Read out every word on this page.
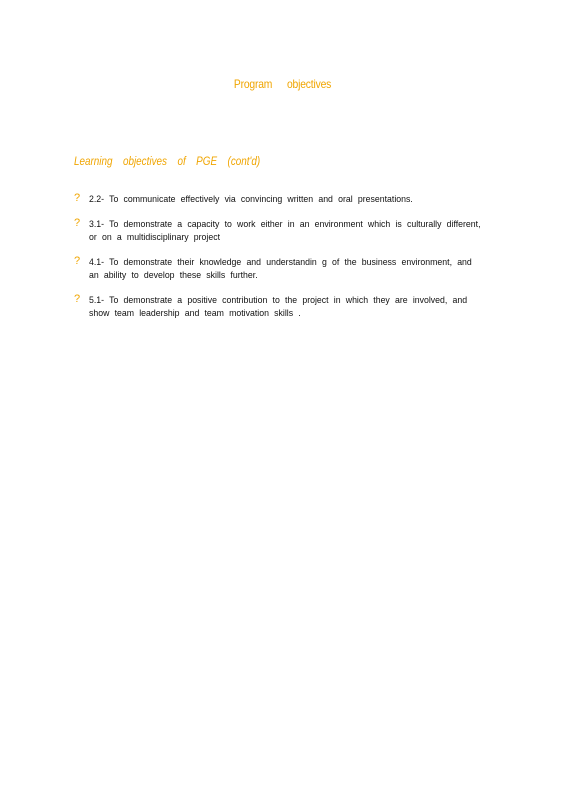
Program objectives
Learning objectives of PGE (cont'd)
? 2.2- To communicate effectively via convincing written and oral presentations.
? 3.1- To demonstrate a capacity to work either in an environment which is culturally different, or on a multidisciplinary project
? 4.1- To demonstrate their knowledge and understandin g of the business environment, and an ability to develop these skills further.
? 5.1- To demonstrate a positive contribution to the project in which they are involved, and show team leadership and team motivation skills .
